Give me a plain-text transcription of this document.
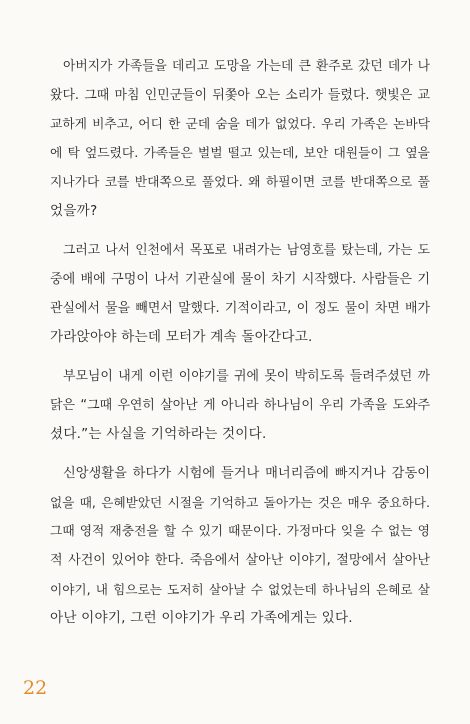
아버지가 가족들을 데리고 도망을 가는데 큰 환주로 갔던 데가 나
왔다. 그때 마침 인민군들이 뒤쫓아 오는 소리가 들렸다. 햇빛은 교
교하게 비추고, 어디 한 군데 숨을 데가 없었다. 우리 가족은 논바닥
에 탁 엎드렸다. 가족들은 벌벌 떨고 있는데, 보안 대원들이 그 옆을
지나가다 코를 반대쪽으로 풀었다. 왜 하필이면 코를 반대쪽으로 풀
었을까?

그러고 나서 인천에서 목포로 내려가는 남영호를 탔는데, 가는 도
중에 배에 구멍이 나서 기관실에 물이 차기 시작했다. 사람들은 기
관실에서 물을 빼면서 말했다. 기적이라고, 이 정도 물이 차면 배가
가라앉아야 하는데 모터가 계속 돌아간다고.

부모님이 내게 이런 이야기를 귀에 못이 박히도록 들려주셨던 까
닭은 “그때 우연히 살아난 게 아니라 하나님이 우리 가족을 도와주
셨다.”는 사실을 기억하라는 것이다.

신앙생활을 하다가 시험에 들거나 매너리즘에 빠지거나 감동이
없을 때, 은혜받았던 시절을 기억하고 돌아가는 것은 매우 중요하다.
그때 영적 재충전을 할 수 있기 때문이다. 가정마다 잊을 수 없는 영
적 사건이 있어야 한다. 죽음에서 살아난 이야기, 절망에서 살아난
이야기, 내 힘으로는 도저히 살아날 수 없었는데 하나님의 은혜로 살
아난 이야기, 그런 이야기가 우리 가족에게는 있다.

22
